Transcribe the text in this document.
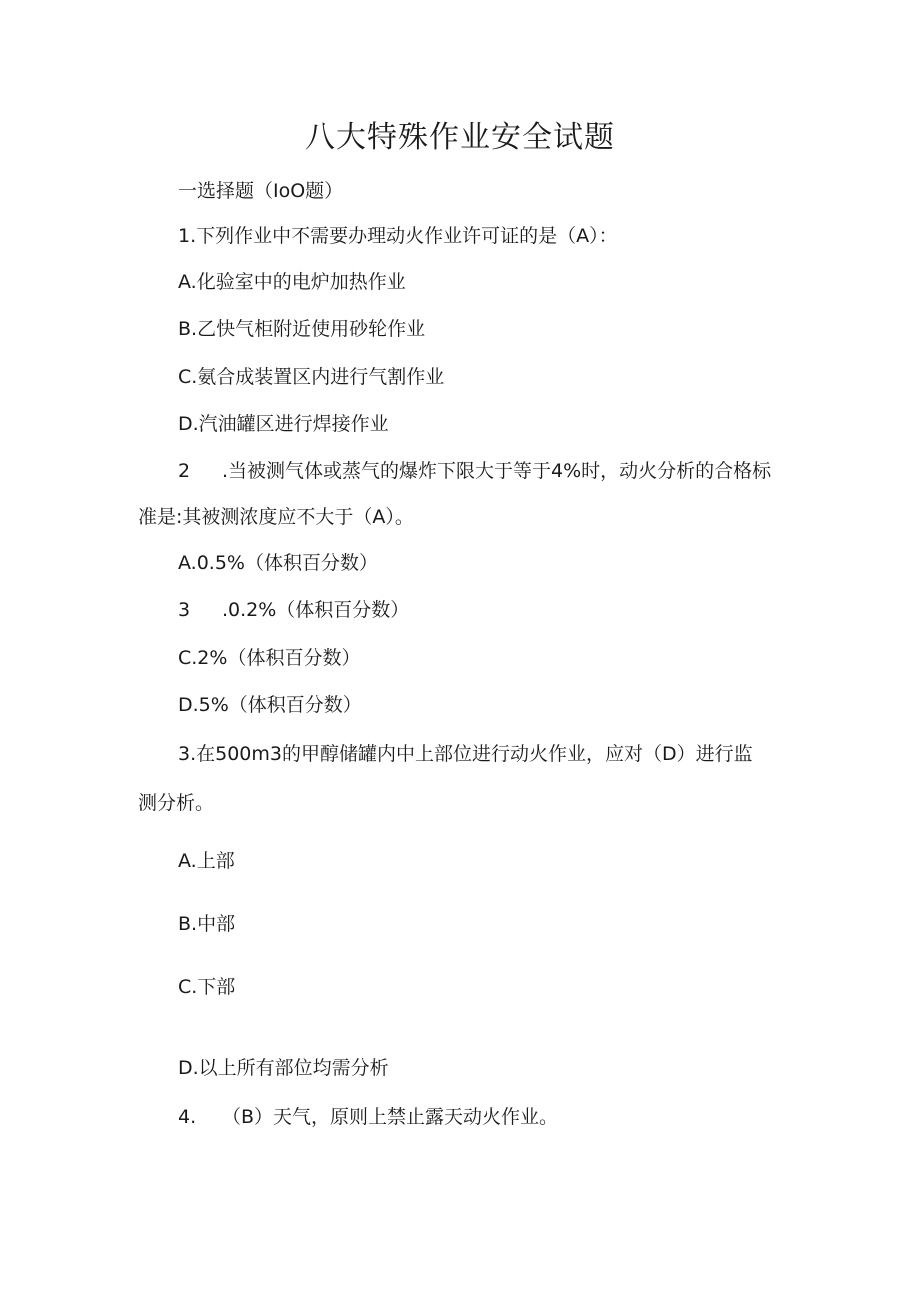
八大特殊作业安全试题
一选择题（IoO题）
1.下列作业中不需要办理动火作业许可证的是（A）：
A.化验室中的电炉加热作业
B.乙快气柜附近使用砂轮作业
C.氨合成装置区内进行气割作业
D.汽油罐区进行焊接作业
2 .当被测气体或蒸气的爆炸下限大于等于4%时，动火分析的合格标
准是:其被测浓度应不大于（A）。
A.0.5%（体积百分数）
3 .0.2%（体积百分数）
C.2%（体积百分数）
D.5%（体积百分数）
3.在500m3的甲醇储罐内中上部位进行动火作业，应对（D）进行监
测分析。
A.上部
B.中部
C.下部
D.以上所有部位均需分析
4. （B）天气，原则上禁止露天动火作业。
